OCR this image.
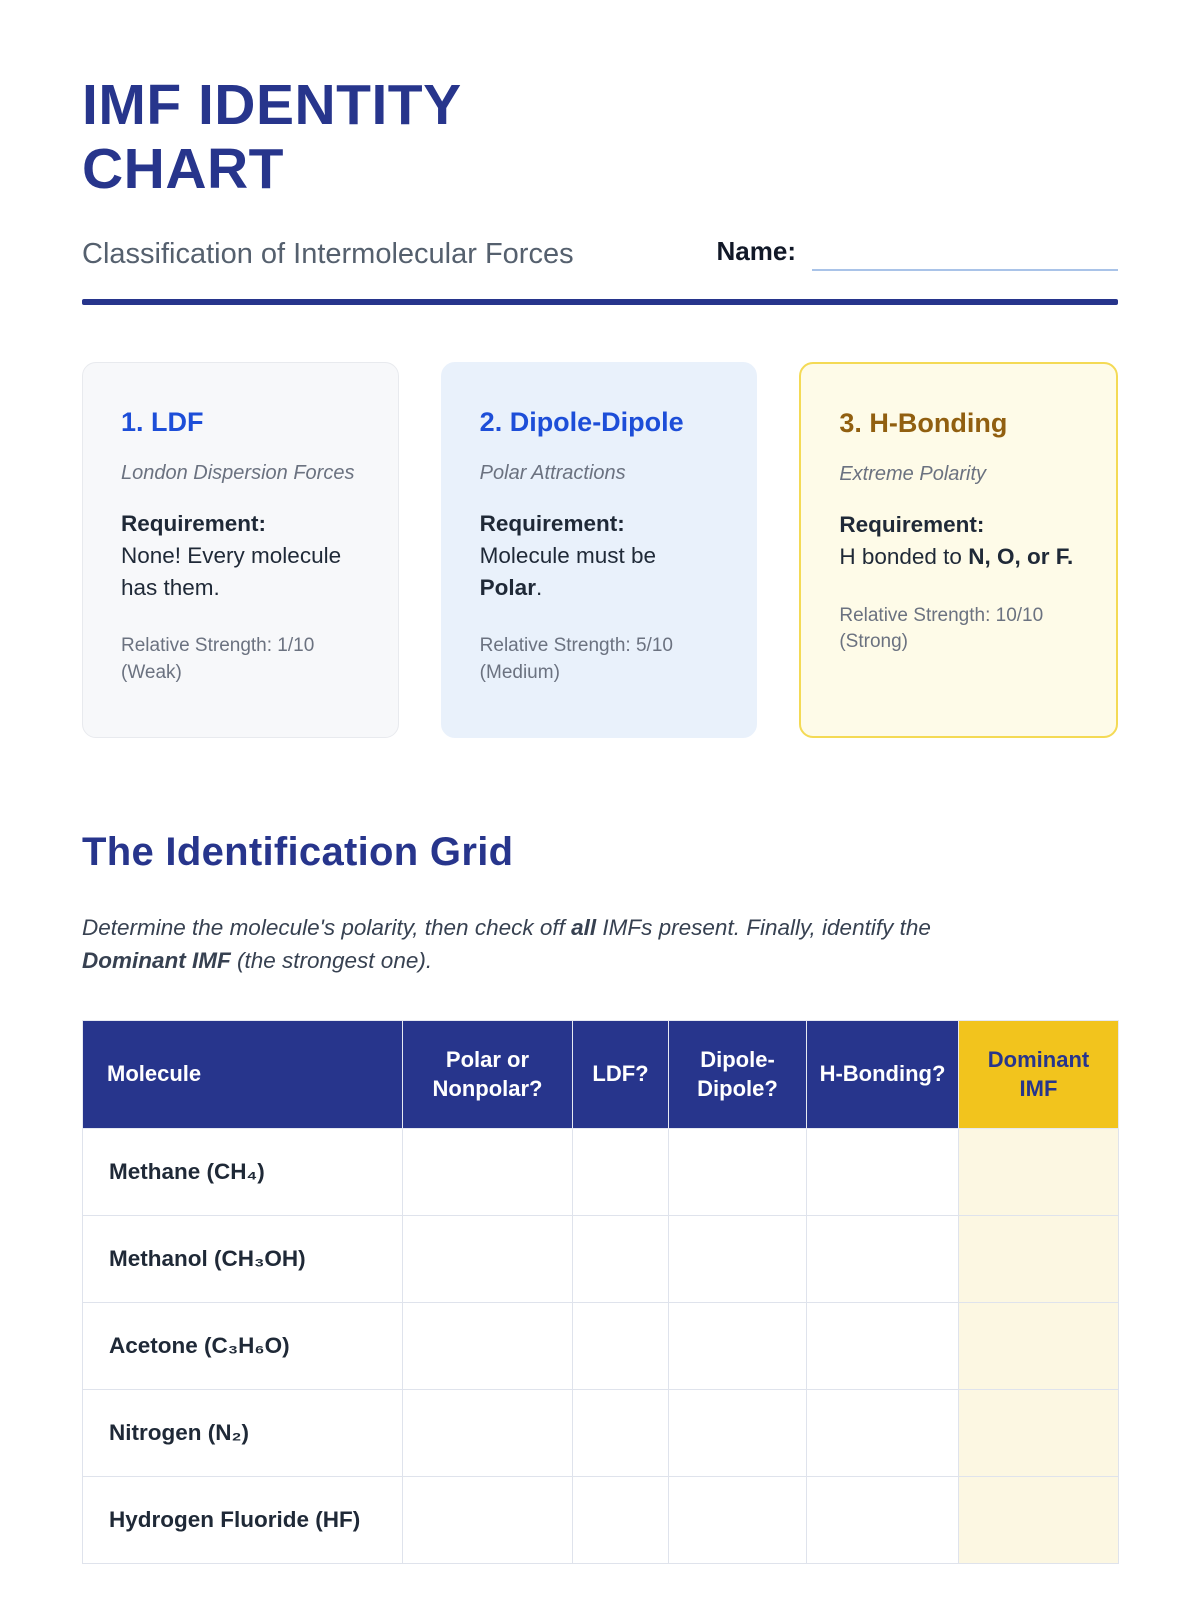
IMF IDENTITY
CHART
Classification of Intermolecular Forces	Name:
1. LDF
London Dispersion Forces
Requirement:
None! Every molecule has them.
Relative Strength: 1/10 (Weak)
2. Dipole-Dipole
Polar Attractions
Requirement:
Molecule must be Polar.
Relative Strength: 5/10 (Medium)
3. H-Bonding
Extreme Polarity
Requirement:
H bonded to N, O, or F.
Relative Strength: 10/10 (Strong)
The Identification Grid

Determine the molecule's polarity, then check off all IMFs present. Finally, identify the Dominant IMF (the strongest one).

Molecule	Polar or Nonpolar?	LDF?	Dipole-Dipole?	H-Bonding?	Dominant IMF
Methane (CH₄)					
Methanol (CH₃OH)					
Acetone (C₃H₆O)					
Nitrogen (N₂)					
Hydrogen Fluoride (HF)					
